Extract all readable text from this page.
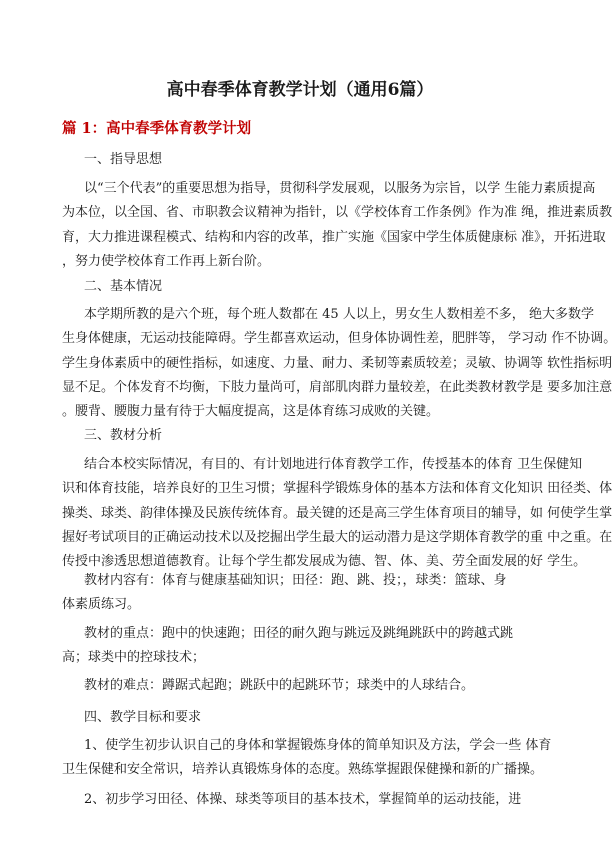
高中春季体育教学计划（通用6篇）
篇 1：高中春季体育教学计划

一、指导思想

以“三个代表”的重要思想为指导，贯彻科学发展观，以服务为宗旨，以学 生能力素质提高
为本位，以全国、省、市职教会议精神为指针，以《学校体育工作条例》作为准 绳，推进素质教
育，大力推进课程模式、结构和内容的改革，推广实施《国家中学生体质健康标 准》，开拓进取
，努力使学校体育工作再上新台阶。

二、基本情况

本学期所教的是六个班，每个班人数都在 45 人以上，男女生人数相差不多， 绝大多数学
生身体健康，无运动技能障碍。学生都喜欢运动，但身体协调性差，肥胖等， 学习动 作不协调。
学生身体素质中的硬性指标，如速度、力量、耐力、柔韧等素质较差；灵敏、协调等 软性指标明
显不足。个体发育不均衡，下肢力量尚可，肩部肌肉群力量较差，在此类教材教学是 要多加注意
。腰背、腰腹力量有待于大幅度提高，这是体育练习成败的关键。

三、教材分析

结合本校实际情况，有目的、有计划地进行体育教学工作，传授基本的体育 卫生保健知
识和体育技能，培养良好的卫生习惯；掌握科学锻炼身体的基本方法和体育文化知识 田径类、体
操类、球类、韵律体操及民族传统体育。最关键的还是高三学生体育项目的辅导，如 何使学生掌
握好考试项目的正确运动技术以及挖掘出学生最大的运动潜力是这学期体育教学的重 中之重。在
传授中渗透思想道德教育。让每个学生都发展成为德、智、体、美、劳全面发展的好 学生。
教材内容有：体育与健康基础知识；田径：跑、跳、投；，球类：篮球、身
体素质练习。
教材的重点：跑中的快速跑；田径的耐久跑与跳远及跳绳跳跃中的跨越式跳
高；球类中的控球技术；
教材的难点：蹲踞式起跑；跳跃中的起跳环节；球类中的人球结合。

四、教学目标和要求

1、使学生初步认识自己的身体和掌握锻炼身体的简单知识及方法，学会一些 体育
卫生保健和安全常识，培养认真锻炼身体的态度。熟练掌握跟保健操和新的广播操。
2、初步学习田径、体操、球类等项目的基本技术，掌握简单的运动技能，进
